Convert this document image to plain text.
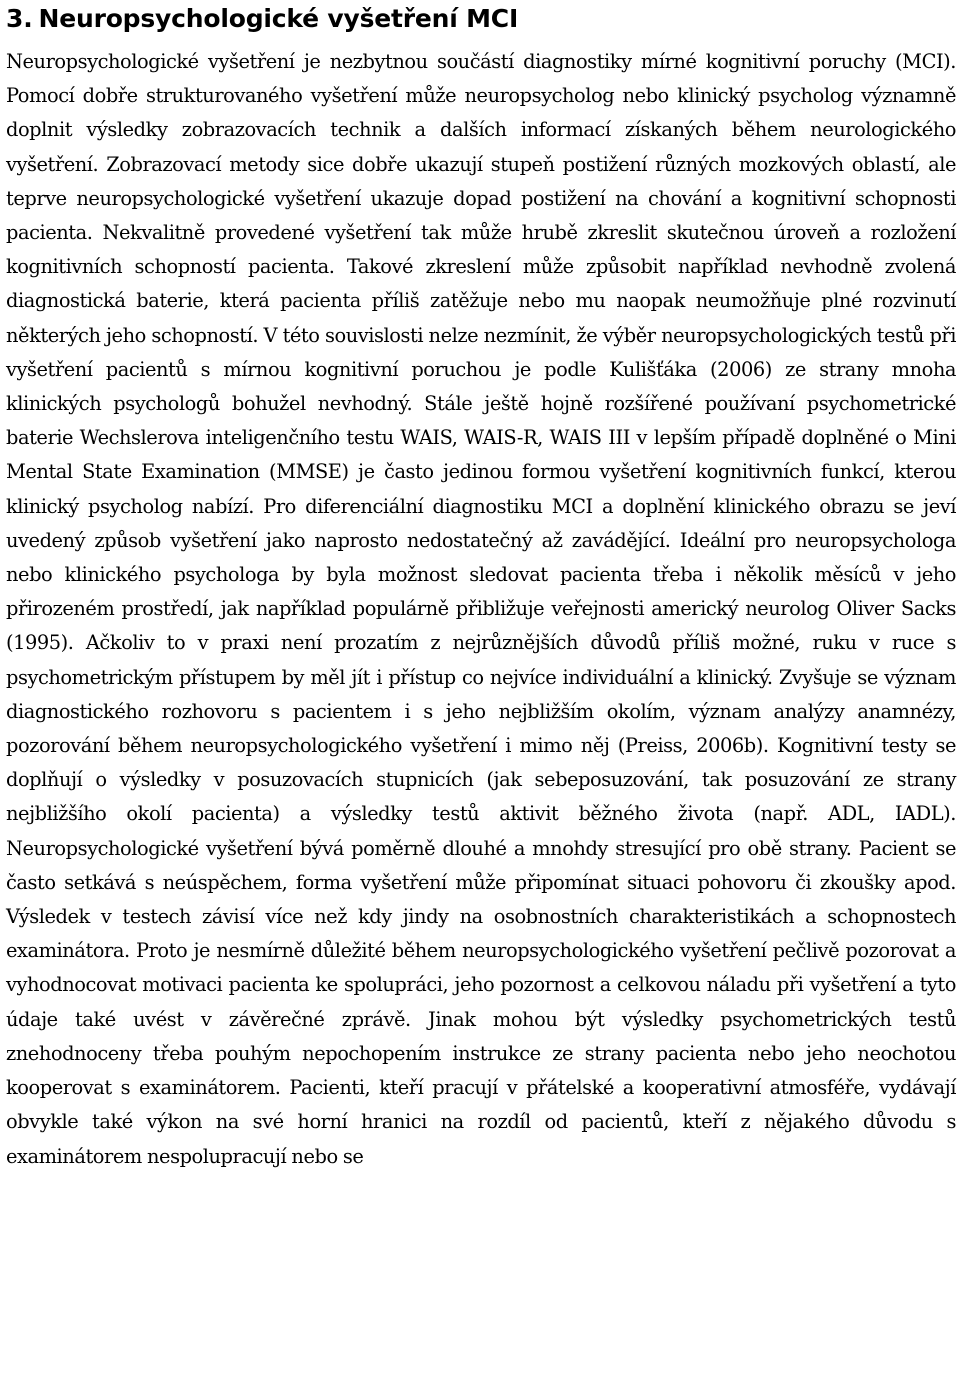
3. Neuropsychologické vyšetření MCI

Neuropsychologické vyšetření je nezbytnou součástí diagnostiky mírné kognitivní poruchy (MCI). Pomocí dobře strukturovaného vyšetření může neuropsycholog nebo klinický psycholog významně doplnit výsledky zobrazovacích technik a dalších informací získaných během neurologického vyšetření. Zobrazovací metody sice dobře ukazují stupeň postižení různých mozkových oblastí, ale teprve neuropsychologické vyšetření ukazuje dopad postižení na chování a kognitivní schopnosti pacienta. Nekvalitně provedené vyšetření tak může hrubě zkreslit skutečnou úroveň a rozložení kognitivních schopností pacienta. Takové zkreslení může způsobit například nevhodně zvolená diagnostická baterie, která pacienta příliš zatěžuje nebo mu naopak neumožňuje plné rozvinutí některých jeho schopností. V této souvislosti nelze nezmínit, že výběr neuropsychologických testů při vyšetření pacientů s mírnou kognitivní poruchou je podle Kulišťáka (2006) ze strany mnoha klinických psychologů bohužel nevhodný. Stále ještě hojně rozšířené používaní psychometrické baterie Wechslerova inteligenčního testu WAIS, WAIS-R, WAIS III v lepším případě doplněné o Mini Mental State Examination (MMSE) je často jedinou formou vyšetření kognitivních funkcí, kterou klinický psycholog nabízí. Pro diferenciální diagnostiku MCI a doplnění klinického obrazu se jeví uvedený způsob vyšetření jako naprosto nedostatečný až zavádějící. Ideální pro neuropsychologa nebo klinického psychologa by byla možnost sledovat pacienta třeba i několik měsíců v jeho přirozeném prostředí, jak například populárně přibližuje veřejnosti americký neurolog Oliver Sacks (1995). Ačkoliv to v praxi není prozatím z nejrůznějších důvodů příliš možné, ruku v ruce s psychometrickým přístupem by měl jít i přístup co nejvíce individuální a klinický. Zvyšuje se význam diagnostického rozhovoru s pacientem i s jeho nejbližším okolím, význam analýzy anamnézy, pozorování během neuropsychologického vyšetření i mimo něj (Preiss, 2006b). Kognitivní testy se doplňují o výsledky v posuzovacích stupnicích (jak sebeposuzování, tak posuzování ze strany nejbližšího okolí pacienta) a výsledky testů aktivit běžného života (např. ADL, IADL). Neuropsychologické vyšetření bývá poměrně dlouhé a mnohdy stresující pro obě strany. Pacient se často setkává s neúspěchem, forma vyšetření může připomínat situaci pohovoru či zkoušky apod. Výsledek v testech závisí více než kdy jindy na osobnostních charakteristikách a schopnostech examinátora. Proto je nesmírně důležité během neuropsychologického vyšetření pečlivě pozorovat a vyhodnocovat motivaci pacienta ke spolupráci, jeho pozornost a celkovou náladu při vyšetření a tyto údaje také uvést v závěrečné zprávě. Jinak mohou být výsledky psychometrických testů znehodnoceny třeba pouhým nepochopením instrukce ze strany pacienta nebo jeho neochotou kooperovat s examinátorem. Pacienti, kteří pracují v přátelské a kooperativní atmosféře, vydávají obvykle také výkon na své horní hranici na rozdíl od pacientů, kteří z nějakého důvodu s examinátorem nespolupracují nebo se
